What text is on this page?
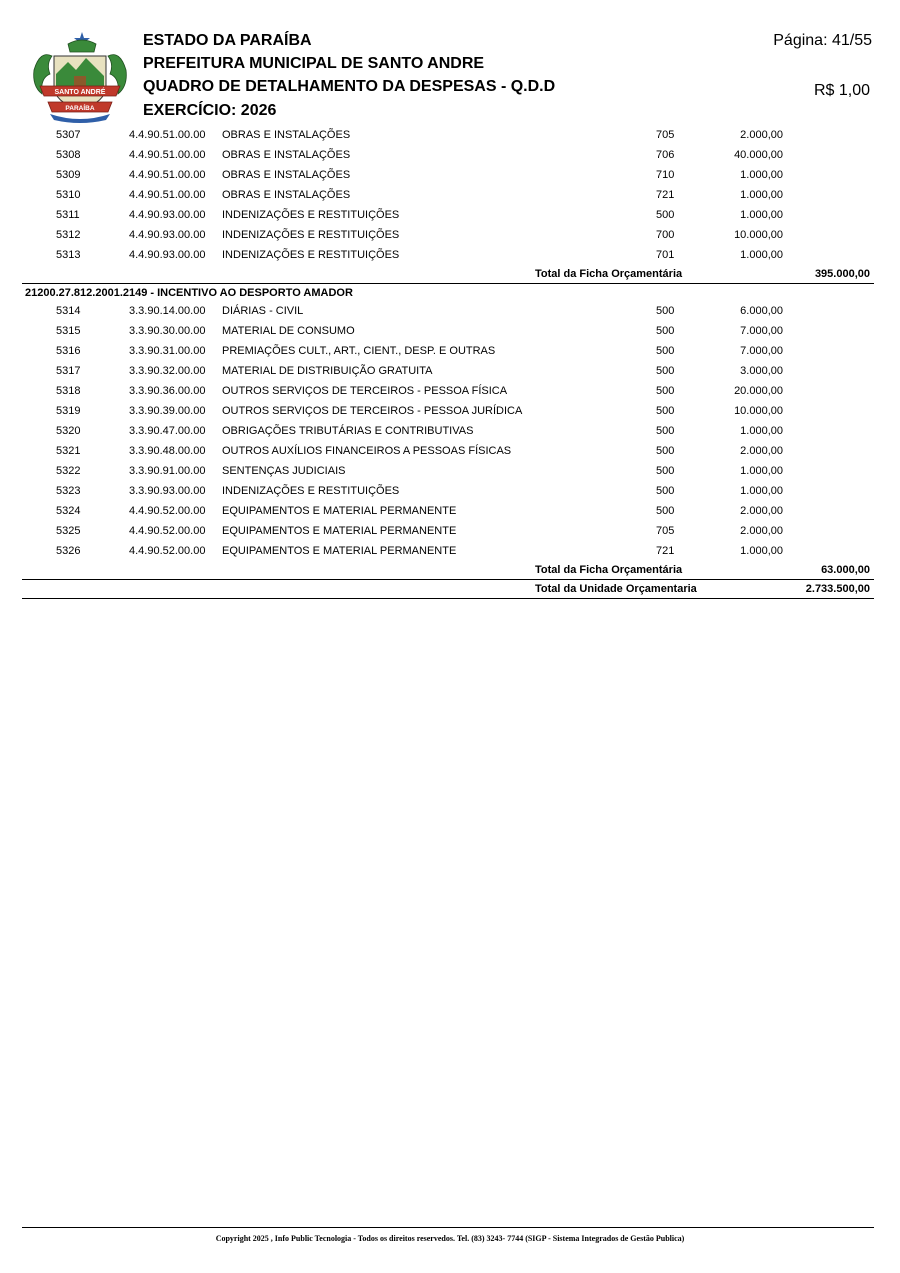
SANTO ANDRÉ
PARAÍBA
ESTADO DA PARAÍBA
PREFEITURA MUNICIPAL DE SANTO ANDRE
QUADRO DE DETALHAMENTO DA DESPESAS - Q.D.D
EXERCÍCIO: 2026
Página: 41/55
R$ 1,00
5307	4.4.90.51.00.00 OBRAS E INSTALAÇÕES	705	2.000,00
5308	4.4.90.51.00.00 OBRAS E INSTALAÇÕES	706	40.000,00
5309	4.4.90.51.00.00 OBRAS E INSTALAÇÕES	710	1.000,00
5310	4.4.90.51.00.00 OBRAS E INSTALAÇÕES	721	1.000,00
5311	4.4.90.93.00.00 INDENIZAÇÕES E RESTITUIÇÕES	500	1.000,00
5312	4.4.90.93.00.00 INDENIZAÇÕES E RESTITUIÇÕES	700	10.000,00
5313	4.4.90.93.00.00 INDENIZAÇÕES E RESTITUIÇÕES	701	1.000,00
Total da Ficha Orçamentária	395.000,00
21200.27.812.2001.2149 - INCENTIVO AO DESPORTO AMADOR
5314	3.3.90.14.00.00 DIÁRIAS - CIVIL	500	6.000,00
5315	3.3.90.30.00.00 MATERIAL DE CONSUMO	500	7.000,00
5316	3.3.90.31.00.00 PREMIAÇÕES CULT., ART., CIENT., DESP. E OUTRAS	500	7.000,00
5317	3.3.90.32.00.00 MATERIAL DE DISTRIBUIÇÃO GRATUITA	500	3.000,00
5318	3.3.90.36.00.00 OUTROS SERVIÇOS DE TERCEIROS - PESSOA FÍSICA	500	20.000,00
5319	3.3.90.39.00.00 OUTROS SERVIÇOS DE TERCEIROS - PESSOA JURÍDICA	500	10.000,00
5320	3.3.90.47.00.00 OBRIGAÇÕES TRIBUTÁRIAS E CONTRIBUTIVAS	500	1.000,00
5321	3.3.90.48.00.00 OUTROS AUXÍLIOS FINANCEIROS A PESSOAS FÍSICAS	500	2.000,00
5322	3.3.90.91.00.00 SENTENÇAS JUDICIAIS	500	1.000,00
5323	3.3.90.93.00.00 INDENIZAÇÕES E RESTITUIÇÕES	500	1.000,00
5324	4.4.90.52.00.00 EQUIPAMENTOS E MATERIAL PERMANENTE	500	2.000,00
5325	4.4.90.52.00.00 EQUIPAMENTOS E MATERIAL PERMANENTE	705	2.000,00
5326	4.4.90.52.00.00 EQUIPAMENTOS E MATERIAL PERMANENTE	721	1.000,00
Total da Ficha Orçamentária	63.000,00
Total da Unidade Orçamentaria	2.733.500,00
Copyright 2025 , Info Public Tecnologia - Todos os direitos reservedos. Tel. (83) 3243- 7744 (SIGP - Sistema Integrados de Gestão Publica)
